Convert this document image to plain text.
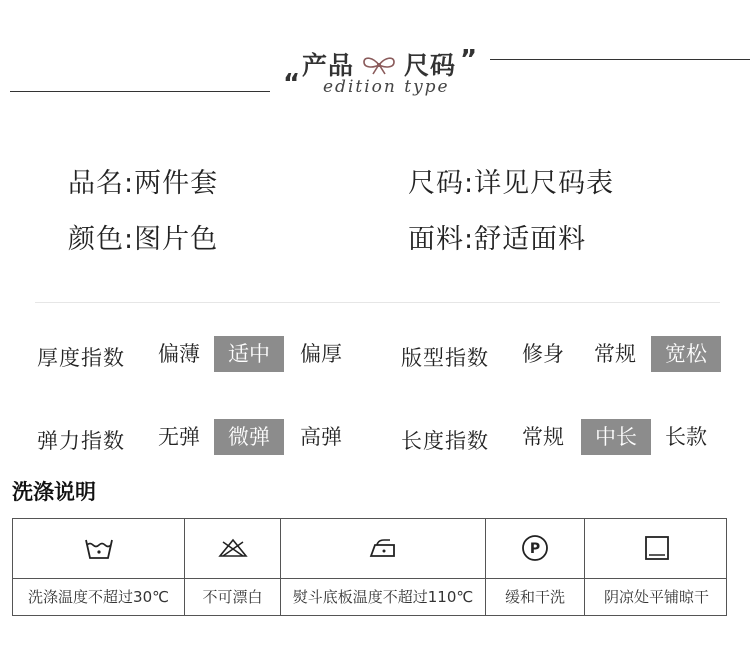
产品 尺码 ”
“ edition type
品名:两件套	尺码:详见尺码表
颜色:图片色	面料:舒适面料
厚度指数	偏薄	适中	偏厚	版型指数	修身	常规	宽松
弹力指数	无弹	微弹	高弹	长度指数	常规	中长	长款
洗涤说明
P
洗涤温度不超过30℃	不可漂白	熨斗底板温度不超过110℃	缓和干洗	阴凉处平铺晾干
